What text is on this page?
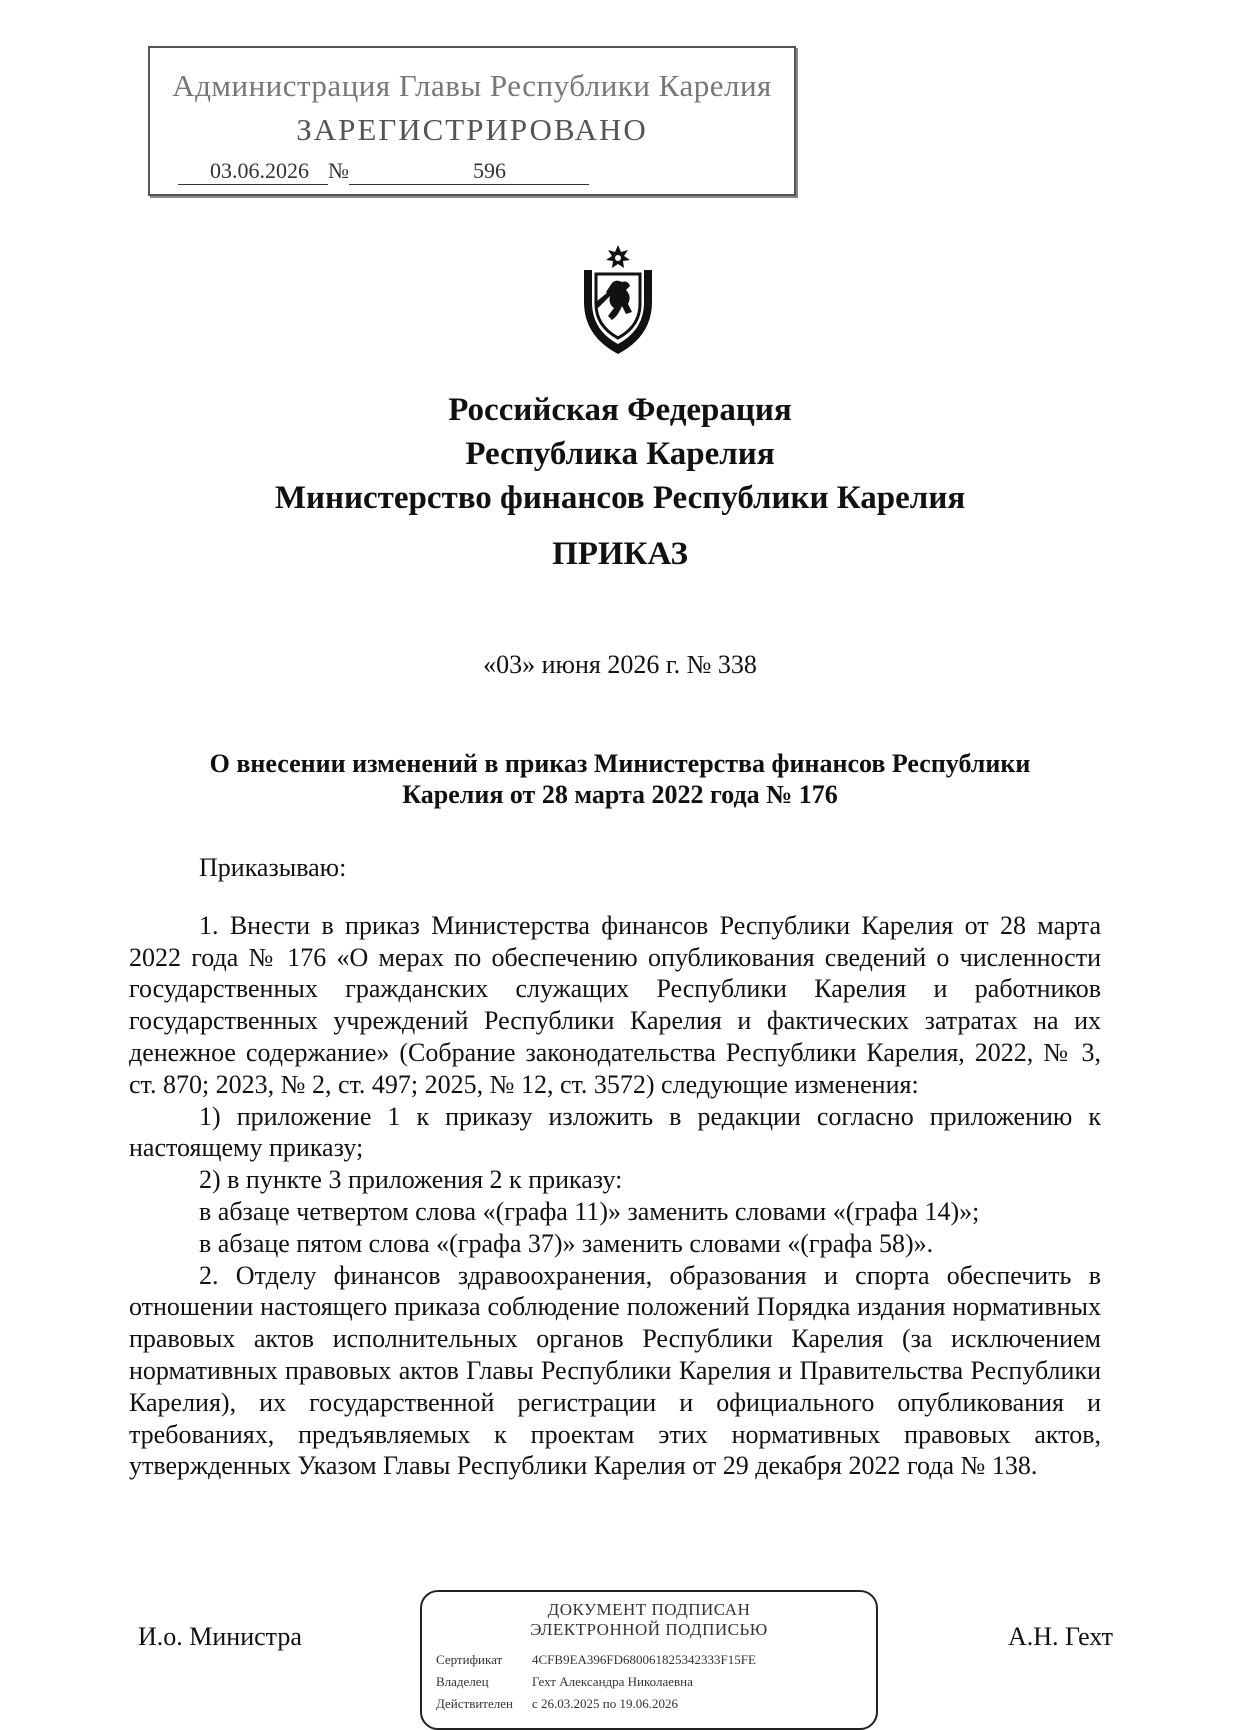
Администрация Главы Республики Карелия
ЗАРЕГИСТРИРОВАНО
03.06.2026 №	596
Российская Федерация
Республика Карелия
Министерство финансов Республики Карелия
ПРИКАЗ
«03» июня 2026 г. № 338
О внесении изменений в приказ Министерства финансов Республики
Карелия от 28 марта 2022 года № 176

Приказываю:

1. Внести в приказ Министерства финансов Республики Карелия от 28 марта 2022 года № 176 «О мерах по обеспечению опубликования сведений о численности государственных гражданских служащих Республики Карелия и работников государственных учреждений Республики Карелия и фактических затратах на их денежное содержание» (Собрание законодательства Республики Карелия, 2022, № 3, ст. 870; 2023, № 2, ст. 497; 2025, № 12, ст. 3572) следующие изменения:

1) приложение 1 к приказу изложить в редакции согласно приложению к настоящему приказу;

2) в пункте 3 приложения 2 к приказу:

в абзаце четвертом слова «(графа 11)» заменить словами «(графа 14)»;

в абзаце пятом слова «(графа 37)» заменить словами «(графа 58)».

2. Отделу финансов здравоохранения, образования и спорта обеспечить в отношении настоящего приказа соблюдение положений Порядка издания нормативных правовых актов исполнительных органов Республики Карелия (за исключением нормативных правовых актов Главы Республики Карелия и Правительства Республики Карелия), их государственной регистрации и официального опубликования и требованиях, предъявляемых к проектам этих нормативных правовых актов, утвержденных Указом Главы Республики Карелия от 29 декабря 2022 года № 138.

И.о. Министра	А.Н. Гехт
ДОКУМЕНТ ПОДПИСАН
ЭЛЕКТРОННОЙ ПОДПИСЬЮ
Сертификат 4CFB9EA396FD680061825342333F15FE
Владелец	Гехт Александра Николаевна
Действителен с 26.03.2025 по 19.06.2026
